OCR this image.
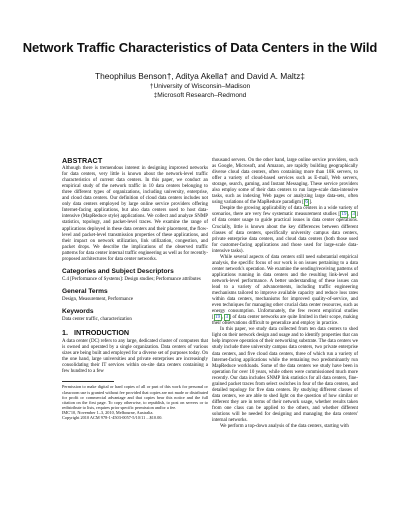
Network Traffic Characteristics of Data Centers in the Wild
Theophilus Benson†, Aditya Akella† and David A. Maltz‡
†University of Wisconsin–Madison
‡Microsoft Research–Redmond
ABSTRACT

Although there is tremendous interest in designing improved networks for data centers, very little is known about the network-level traffic characteristics of current data centers. In this paper, we conduct an empirical study of the network traffic in 10 data centers belonging to three different types of organizations, including university, enterprise, and cloud data centers. Our definition of cloud data centers includes not only data centers employed by large online service providers offering Internet-facing applications, but also data centers used to host data-intensive (MapReduce style) applications. We collect and analyze SNMP statistics, topology, and packet-level traces. We examine the range of applications deployed in these data centers and their placement, the flow-level and packet-level transmission properties of these applications, and their impact on network utilization, link utilization, congestion, and packet drops. We describe the implications of the observed traffic patterns for data center internal traffic engineering as well as for recently-proposed architectures for data center networks.

Categories and Subject Descriptors

C.4 [Performance of Systems]: Design studies; Performance attributes

General Terms

Design, Measurement, Performance

Keywords

Data center traffic, characterization

1. INTRODUCTION

A data center (DC) refers to any large, dedicated cluster of computers that is owned and operated by a single organization. Data centers of various sizes are being built and employed for a diverse set of purposes today. On the one hand, large universities and private enterprises are increasingly consolidating their IT services within on-site data centers containing a few hundred to a few

Permission to make digital or hard copies of all or part of this work for personal or classroom use is granted without fee provided that copies are not made or distributed for profit or commercial advantage and that copies bear this notice and the full citation on the first page. To copy otherwise, to republish, to post on servers or to redistribute to lists, requires prior specific permission and/or a fee.
IMC'10, November 1–3, 2010, Melbourne, Australia.
Copyright 2010 ACM 978-1-4503-0057-5/10/11 ...$10.00.

thousand servers. On the other hand, large online service providers, such as Google, Microsoft, and Amazon, are rapidly building geographically diverse cloud data centers, often containing more than 10K servers, to offer a variety of cloud-based services such as E-mail, Web servers, storage, search, gaming, and Instant Messaging. These service providers also employ some of their data centers to run large-scale data-intensive tasks, such as indexing Web pages or analyzing large data-sets, often using variations of the MapReduce paradigm [ 6 ].

Despite the growing applicability of data centers in a wide variety of scenarios, there are very few systematic measurement studies [ 19 , 3 ] of data center usage to guide practical issues in data center operations. Crucially, little is known about the key differences between different classes of data centers, specifically university campus data centers, private enterprise data centers, and cloud data centers (both those used for customer-facing applications and those used for large-scale data-intensive tasks).

While several aspects of data centers still need substantial empirical analysis, the specific focus of our work is on issues pertaining to a data center network's operation. We examine the sending/receiving patterns of applications running in data centers and the resulting link-level and network-level performance. A better understanding of these issues can lead to a variety of advancements, including traffic engineering mechanisms tailored to improve available capacity and reduce loss rates within data centers, mechanisms for improved quality-of-service, and even techniques for managing other crucial data center resources, such as energy consumption. Unfortunately, the few recent empirical studies [ 19 , 3 ] of data center networks are quite limited in their scope, making their observations difficult to generalize and employ in practice.

In this paper, we study data collected from ten data centers to shed light on their network design and usage and to identify properties that can help improve operation of their networking substrate. The data centers we study include three university campus data centers, two private enterprise data centers, and five cloud data centers, three of which run a variety of Internet-facing applications while the remaining two predominantly run MapReduce workloads. Some of the data centers we study have been in operation for over 10 years, while others were commissioned much more recently. Our data includes SNMP link statistics for all data centers, fine-grained packet traces from select switches in four of the data centers, and detailed topology for five data centers. By studying different classes of data centers, we are able to shed light on the question of how similar or different they are in terms of their network usage, whether results taken from one class can be applied to the others, and whether different solutions will be needed for designing and managing the data centers' internal networks.

We perform a top-down analysis of the data centers, starting with
